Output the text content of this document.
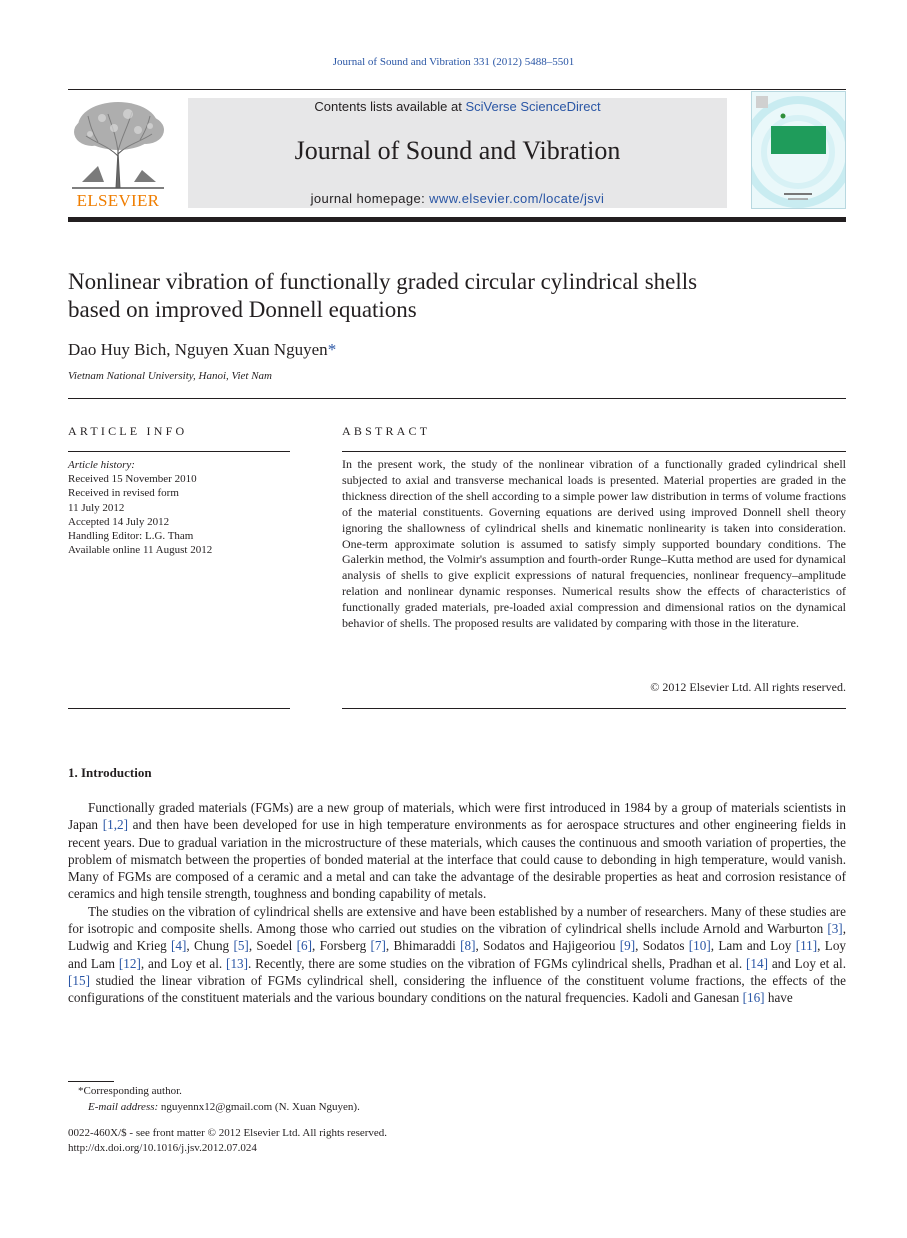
Journal of Sound and Vibration 331 (2012) 5488–5501
ELSEVIER
Contents lists available at SciVerse ScienceDirect
Journal of Sound and Vibration
journal homepage: www.elsevier.com/locate/jsvi
Nonlinear vibration of functionally graded circular cylindrical shells
based on improved Donnell equations
Dao Huy Bich, Nguyen Xuan Nguyen*
Vietnam National University, Hanoi, Viet Nam
ARTICLE INFO	ABSTRACT
Article history:
Received 15 November 2010
Received in revised form
11 July 2012
Accepted 14 July 2012
Handling Editor: L.G. Tham
Available online 11 August 2012
In the present work, the study of the nonlinear vibration of a functionally graded cylindrical shell subjected to axial and transverse mechanical loads is presented. Material properties are graded in the thickness direction of the shell according to a simple power law distribution in terms of volume fractions of the material constituents. Governing equations are derived using improved Donnell shell theory ignoring the shallowness of cylindrical shells and kinematic nonlinearity is taken into consideration. One-term approximate solution is assumed to satisfy simply supported boundary conditions. The Galerkin method, the Volmir's assumption and fourth-order Runge–Kutta method are used for dynamical analysis of shells to give explicit expressions of natural frequencies, nonlinear frequency–amplitude relation and nonlinear dynamic responses. Numerical results show the effects of characteristics of functionally graded materials, pre-loaded axial compression and dimensional ratios on the dynamical behavior of shells. The proposed results are validated by comparing with those in the literature.
© 2012 Elsevier Ltd. All rights reserved.
1. Introduction

Functionally graded materials (FGMs) are a new group of materials, which were first introduced in 1984 by a group of materials scientists in Japan [1,2] and then have been developed for use in high temperature environments as for aerospace structures and other engineering fields in recent years. Due to gradual variation in the microstructure of these materials, which causes the continuous and smooth variation of properties, the problem of mismatch between the properties of bonded material at the interface that could cause to debonding in high temperature, would vanish. Many of FGMs are composed of a ceramic and a metal and can take the advantage of the desirable properties as heat and corrosion resistance of ceramics and high tensile strength, toughness and bonding capability of metals.

The studies on the vibration of cylindrical shells are extensive and have been established by a number of researchers. Many of these studies are for isotropic and composite shells. Among those who carried out studies on the vibration of cylindrical shells include Arnold and Warburton [3], Ludwig and Krieg [4], Chung [5], Soedel [6], Forsberg [7], Bhimaraddi [8], Sodatos and Hajigeoriou [9], Sodatos [10], Lam and Loy [11], Loy and Lam [12], and Loy et al. [13]. Recently, there are some studies on the vibration of FGMs cylindrical shells, Pradhan et al. [14] and Loy et al. [15] studied the linear vibration of FGMs cylindrical shell, considering the influence of the constituent volume fractions, the effects of the configurations of the constituent materials and the various boundary conditions on the natural frequencies. Kadoli and Ganesan [16] have

*Corresponding author.
E-mail address: nguyennx12@gmail.com (N. Xuan Nguyen).
0022-460X/$ - see front matter © 2012 Elsevier Ltd. All rights reserved.
http://dx.doi.org/10.1016/j.jsv.2012.07.024
